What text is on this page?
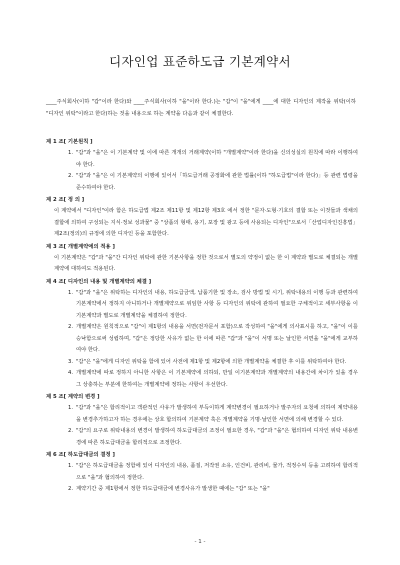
디자인업 표준하도급 기본계약서
____주식회사(이하 "갑"이라 한다)와 ____주식회사(이하 "을"이라 한다.)는 "갑"이 "을"에게 ____에 대한 디자인의 제작을 위탁(이하 "디자인 위탁"이라고 한다)하는 것을 내용으로 하는 계약을 다음과 같이 체결한다.
제 1 조[ 기본원칙 ]
1. "갑"과 "을"은 이 기본계약 및 이에 따른 개개의 거래계약(이하 "개별계약"이라 한다)을 신의성실의 원칙에 따라 이행하여야 한다.
2. "갑"과 "을"은 이 기본계약의 이행에 있어서「하도급거래 공정화에 관한 법률(이하 "하도급법"이라 한다)」등 관련 법령을 준수하여야 한다.
제 2 조[ 정 의 ]
이 계약에서 "디자인"이라 함은 하도급법 제2조 제11항 및 제12항 제3호 에서 정한 "문자·도형·기호의 결합 또는 이것들과 색채의 결합에 의하여 구성되는 지식·정보 성과물" 중 "상품의 형태, 용기, 포장 및 광고 등에 사용되는 디자인"으로서「산업디자인진흥법」제2조(정의)의 규정에 의한 디자인 등을 포함한다.
제 3 조[ 개별계약에의 적용 ]
이 기본계약은 "갑"과 "을"간 디자인 위탁에 관한 기본사항을 정한 것으로서 별도의 약정이 없는 한 이 계약과 별도로 체결되는 개별계약에 대하여도 적용된다.
제 4 조[ 디자인의 내용 및 개별계약의 체결 ]
1. "갑"과 "을"은 위탁하는 디자인의 내용, 하도급금액, 납품기한 및 장소, 검사 방법 및 시기, 위탁내용의 이행 등과 관련하여 기본계약에서 정하지 아니하거나 개별계약으로 위임한 사항 등 디자인의 위탁에 관하여 필요한 구체적이고 세부사항을 이 기본계약과 별도로 개별계약을 체결하여 정한다.
2. 개별계약은 원칙적으로 "갑"이 제1항의 내용을 서면(전자문서 포함)으로 작성하여 "을"에게 의사표시를 하고, "을"이 이를 승낙함으로써 성립하며, "갑"은 정당한 사유가 없는 한 이에 따른 "갑"과 "을"이 서명 또는 날인한 서면을 "을"에게 교부하여야 한다.
3. "갑"은 "을"에게 디자인 위탁을 함에 있어 사전에 제1항 및 제2항에 의한 개별계약을 체결한 후 이를 위탁하여야 한다.
4. 개별계약에 따로 정하지 아니한 사항은 이 기본계약에 의하되, 만일 이기본계약과 개별계약의 내용간에 차이가 있을 경우 그 상충하는 부분에 한하여는 개별계약에 정하는 사항이 우선한다.
제 5 조[ 계약의 변경 ]
1. "갑"과 "을"은 합리적이고 객관적인 사유가 발생하여 부득이하게 계약변경이 필요하거나 발주자의 요청에 의하여 계약내용을 변경추가하고자 하는 경우에는 상호 합의하여 기본계약 혹은 개별계약을 기명·날인한 서면에 의해 변경할 수 있다.
2. "갑"의 요구로 위탁내용의 변경이 발생하여 하도급대금의 조정이 필요한 경우, "갑"과 "을"은 협의하여 디자인 위탁 내용변경에 따른 하도급대금을 합리적으로 조정한다.
제 6 조[ 하도급대금의 결정 ]
1. "갑"은 하도급대금을 정함에 있어 디자인의 내용, 품질, 저작권 소유, 인건비, 관리비, 물가, 적정수익 등을 고려하여 합리적으로 "을"과 협의하여 정한다.
2. 계약기간 중 제1항에서 정한 하도급대금에 변경사유가 발생한 때에는 "갑" 또는 "을"
- 1 -
